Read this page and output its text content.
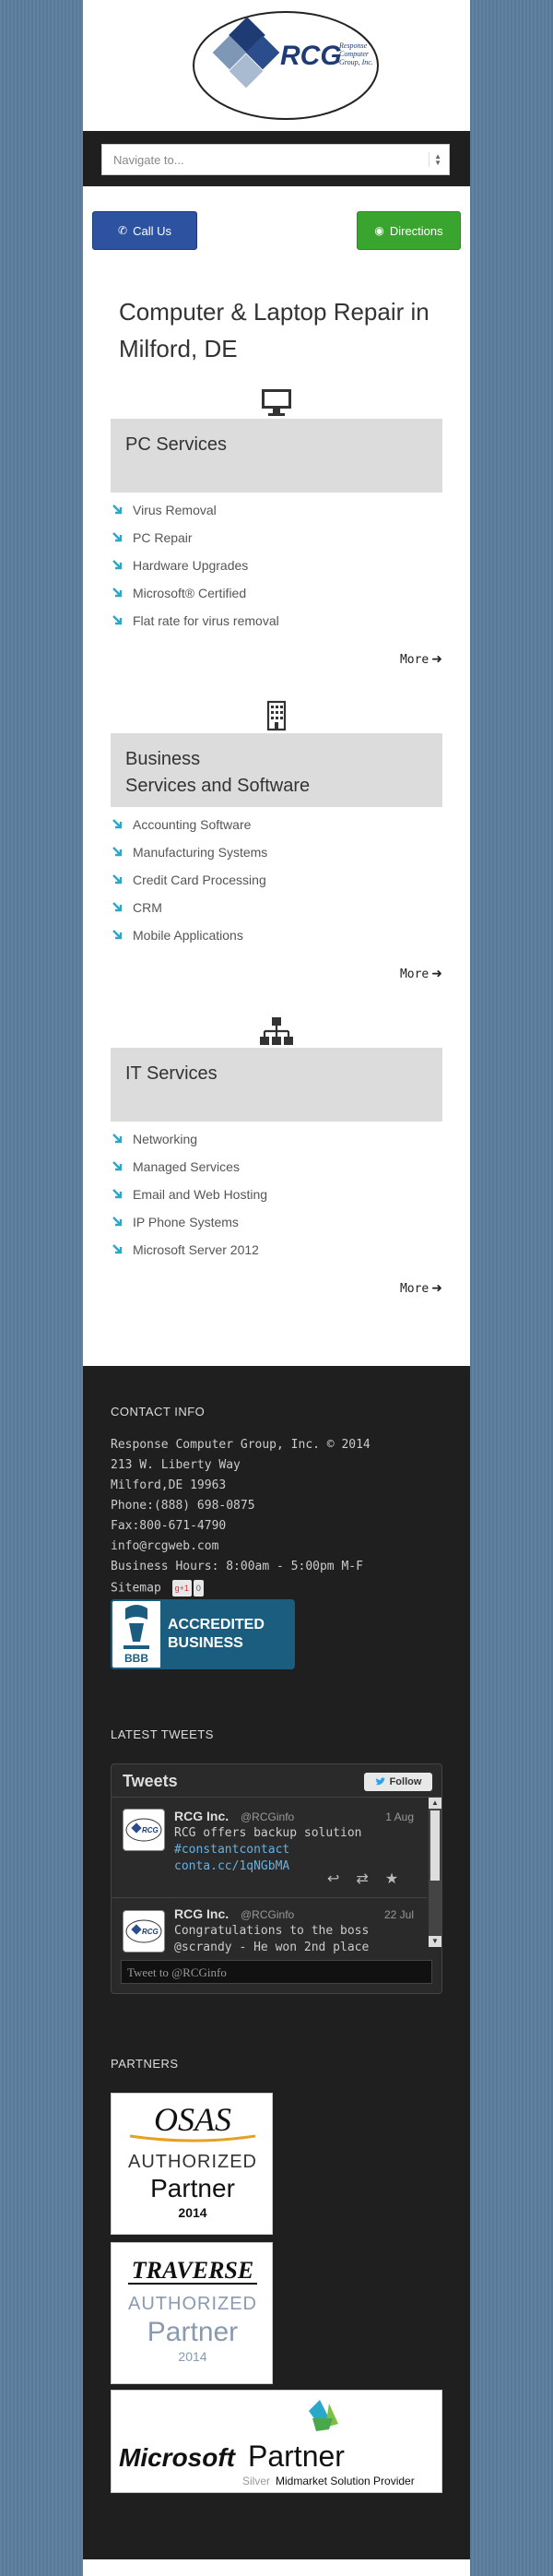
RCG
Response
Computer
Group, Inc.
Navigate to...	▲
▼
✆ Call Us	◉ Directions
Computer & Laptop Repair in Milford, DE
PC Services
Virus Removal
PC Repair
Hardware Upgrades
Microsoft® Certified
Flat rate for virus removal
More ➜
Business
Services and Software
Accounting Software
Manufacturing Systems
Credit Card Processing
CRM
Mobile Applications
More ➜
IT Services
Networking
Managed Services
Email and Web Hosting
IP Phone Systems
Microsoft Server 2012
More ➜
CONTACT INFO
Response Computer Group, Inc. © 2014
213 W. Liberty Way
Milford,DE 19963
Phone:(888) 698-0875
Fax:800-671-4790
info@rcgweb.com
Business Hours: 8:00am - 5:00pm M-F
Sitemap	g+1 0
BBB
ACCREDITED
BUSINESS
LATEST TWEETS
Tweets	Follow
RCG
RCG Inc. @RCGinfo	1 Aug
RCG offers backup solution
#constantcontact
conta.cc/1qNGbMA
↩ ⇄ ★
RCG
RCG Inc. @RCGinfo	22 Jul
Congratulations to the boss
@scrandy - He won 2nd place
▲
▼
Tweet to @RCGinfo
PARTNERS
OSAS
AUTHORIZED
Partner
2014
TRAVERSE
AUTHORIZED
Partner
2014
Microsoft Partner
Silver Midmarket Solution Provider
